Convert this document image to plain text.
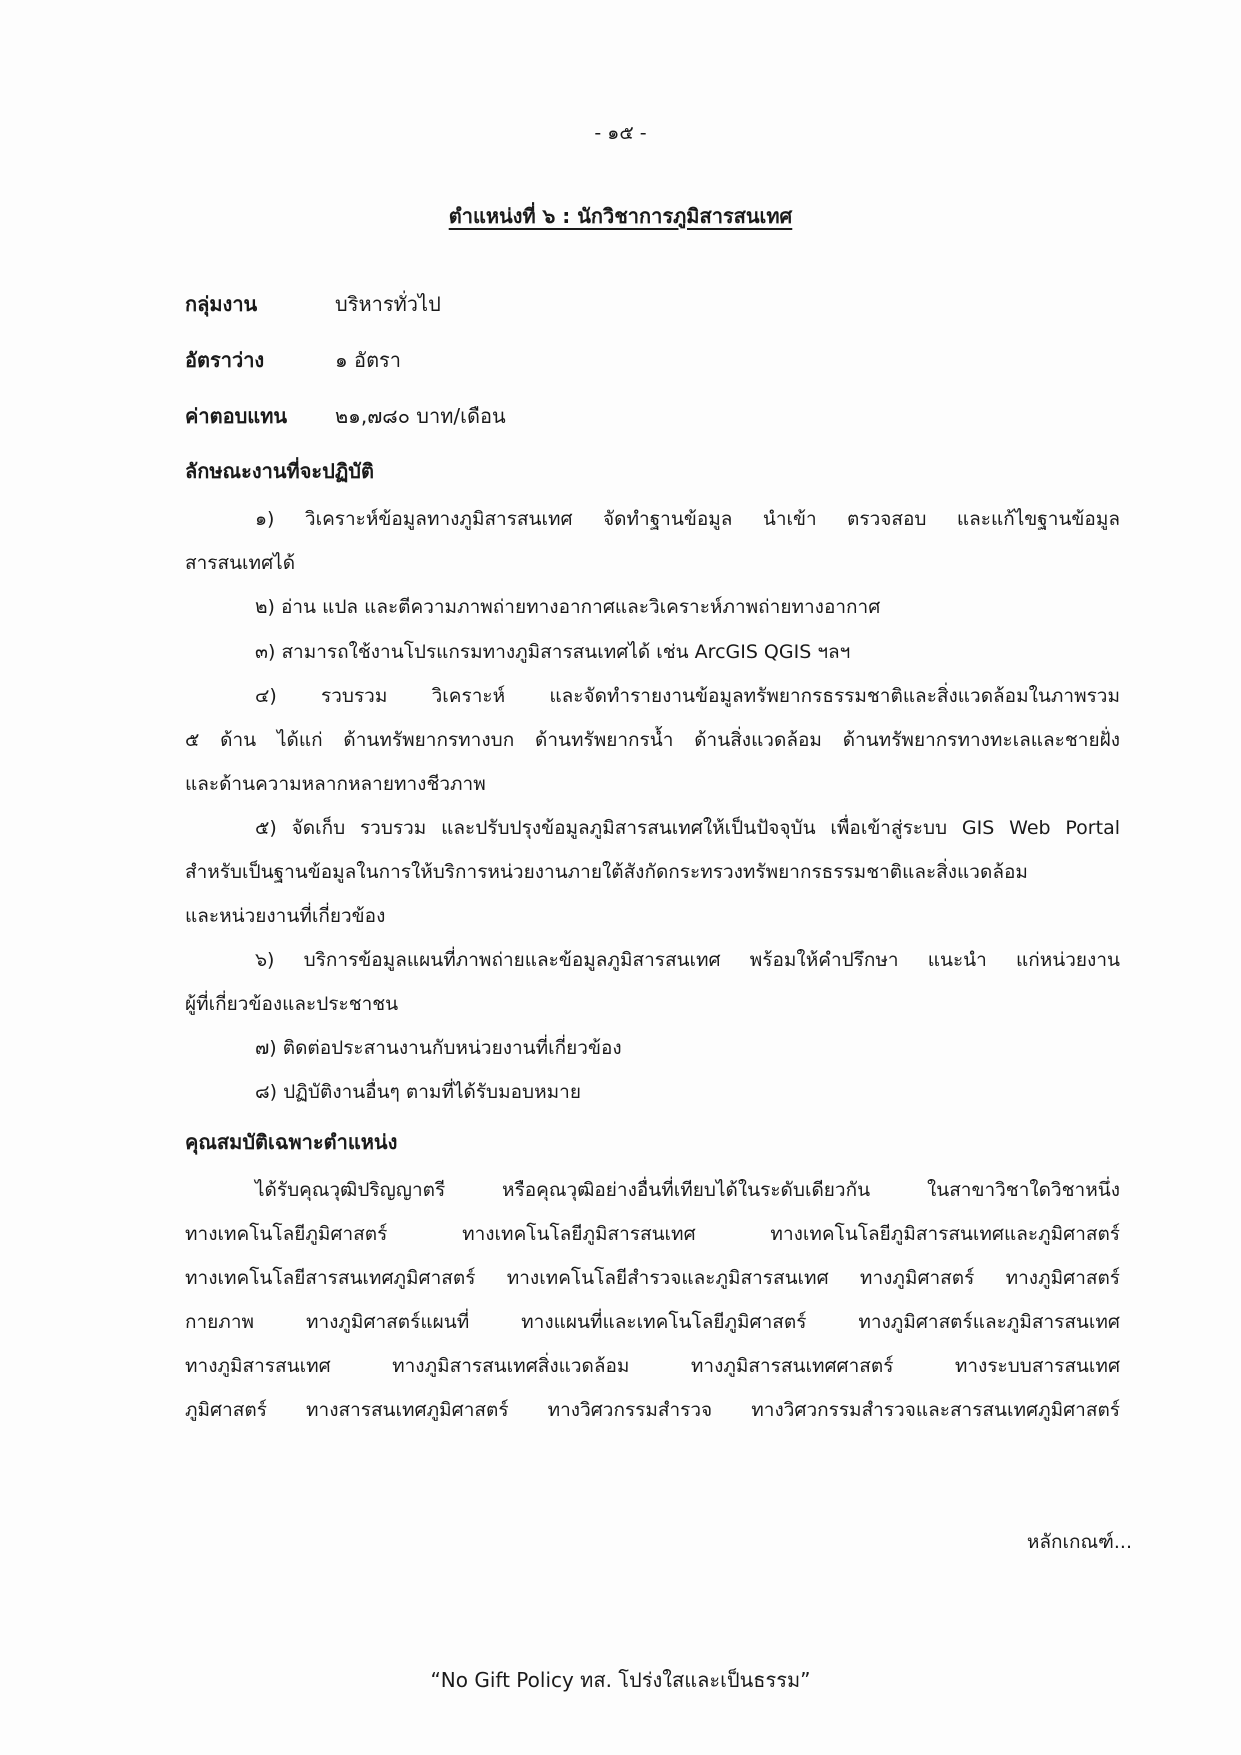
- ๑๕ -
ตำแหน่งที่ ๖ : นักวิชาการภูมิสารสนเทศ
กลุ่มงาน	บริหารทั่วไป
อัตราว่าง	๑ อัตรา
ค่าตอบแทน	๒๑,๗๘๐ บาท/เดือน
ลักษณะงานที่จะปฏิบัติ
๑) วิเคราะห์ข้อมูลทางภูมิสารสนเทศ จัดทำฐานข้อมูล นำเข้า ตรวจสอบ และแก้ไขฐานข้อมูล
สารสนเทศได้
๒) อ่าน แปล และตีความภาพถ่ายทางอากาศและวิเคราะห์ภาพถ่ายทางอากาศ
๓) สามารถใช้งานโปรแกรมทางภูมิสารสนเทศได้ เช่น ArcGIS QGIS ฯลฯ
๔) รวบรวม วิเคราะห์ และจัดทำรายงานข้อมูลทรัพยากรธรรมชาติและสิ่งแวดล้อมในภาพรวม
๕ ด้าน ได้แก่ ด้านทรัพยากรทางบก ด้านทรัพยากรน้ำ ด้านสิ่งแวดล้อม ด้านทรัพยากรทางทะเลและชายฝั่ง
และด้านความหลากหลายทางชีวภาพ
๕) จัดเก็บ รวบรวม และปรับปรุงข้อมูลภูมิสารสนเทศให้เป็นปัจจุบัน เพื่อเข้าสู่ระบบ GIS Web Portal
สำหรับเป็นฐานข้อมูลในการให้บริการหน่วยงานภายใต้สังกัดกระทรวงทรัพยากรธรรมชาติและสิ่งแวดล้อม
และหน่วยงานที่เกี่ยวข้อง
๖) บริการข้อมูลแผนที่ภาพถ่ายและข้อมูลภูมิสารสนเทศ พร้อมให้คำปรึกษา แนะนำ แก่หน่วยงาน
ผู้ที่เกี่ยวข้องและประชาชน
๗) ติดต่อประสานงานกับหน่วยงานที่เกี่ยวข้อง
๘) ปฏิบัติงานอื่นๆ ตามที่ได้รับมอบหมาย
คุณสมบัติเฉพาะตำแหน่ง
ได้รับคุณวุฒิปริญญาตรี หรือคุณวุฒิอย่างอื่นที่เทียบได้ในระดับเดียวกัน ในสาขาวิชาใดวิชาหนึ่ง
ทางเทคโนโลยีภูมิศาสตร์ ทางเทคโนโลยีภูมิสารสนเทศ ทางเทคโนโลยีภูมิสารสนเทศและภูมิศาสตร์
ทางเทคโนโลยีสารสนเทศภูมิศาสตร์ ทางเทคโนโลยีสำรวจและภูมิสารสนเทศ ทางภูมิศาสตร์ ทางภูมิศาสตร์
กายภาพ ทางภูมิศาสตร์แผนที่ ทางแผนที่และเทคโนโลยีภูมิศาสตร์ ทางภูมิศาสตร์และภูมิสารสนเทศ
ทางภูมิสารสนเทศ ทางภูมิสารสนเทศสิ่งแวดล้อม ทางภูมิสารสนเทศศาสตร์ ทางระบบสารสนเทศ
ภูมิศาสตร์ ทางสารสนเทศภูมิศาสตร์ ทางวิศวกรรมสำรวจ ทางวิศวกรรมสำรวจและสารสนเทศภูมิศาสตร์
หลักเกณฑ์...
“No Gift Policy ทส. โปร่งใสและเป็นธรรม”
